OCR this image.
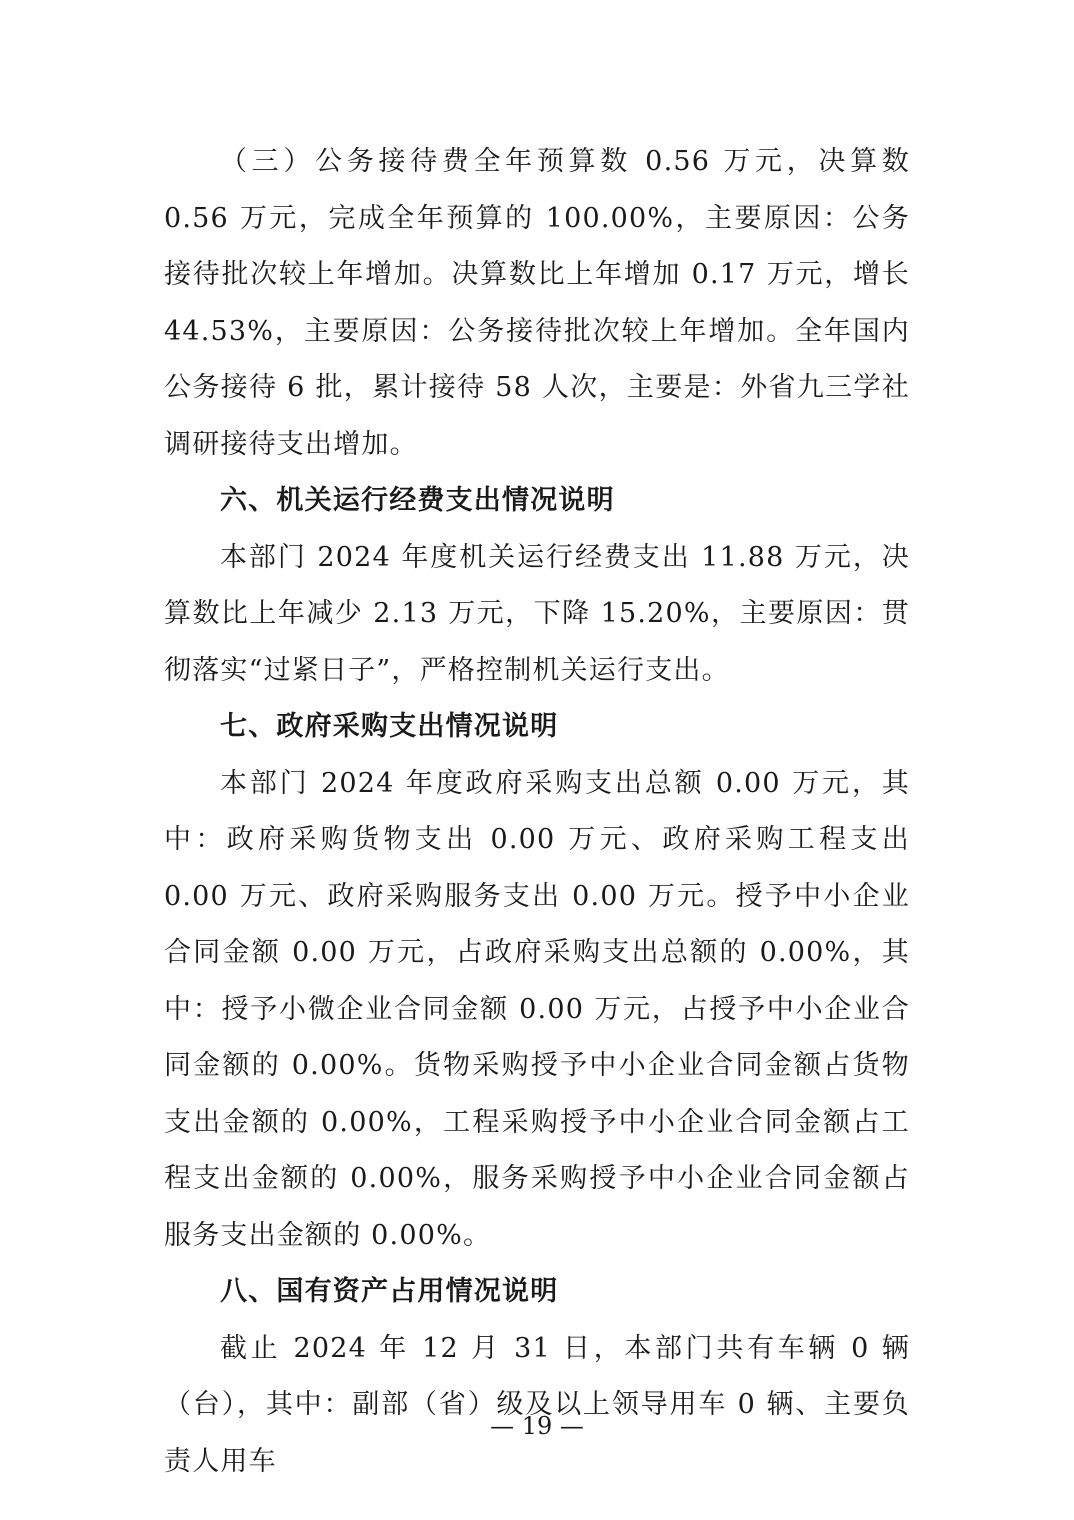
（三）公务接待费全年预算数 0.56 万元，决算数 0.56 万元，完成全年预算的 100.00%，主要原因：公务接待批次较上年增加。决算数比上年增加 0.17 万元，增长 44.53%，主要原因：公务接待批次较上年增加。全年国内公务接待 6 批，累计接待 58 人次，主要是：外省九三学社调研接待支出增加。

六、机关运行经费支出情况说明

本部门 2024 年度机关运行经费支出 11.88 万元，决算数比上年减少 2.13 万元，下降 15.20%，主要原因：贯彻落实“过紧日子”，严格控制机关运行支出。

七、政府采购支出情况说明

本部门 2024 年度政府采购支出总额 0.00 万元，其中：政府采购货物支出 0.00 万元、政府采购工程支出 0.00 万元、政府采购服务支出 0.00 万元。授予中小企业合同金额 0.00 万元，占政府采购支出总额的 0.00%，其中：授予小微企业合同金额 0.00 万元，占授予中小企业合同金额的 0.00%。货物采购授予中小企业合同金额占货物支出金额的 0.00%，工程采购授予中小企业合同金额占工程支出金额的 0.00%，服务采购授予中小企业合同金额占服务支出金额的 0.00%。

八、国有资产占用情况说明

截止 2024 年 12 月 31 日，本部门共有车辆 0 辆（台），其中：副部（省）级及以上领导用车 0 辆、主要负责人用车

— 19 —
